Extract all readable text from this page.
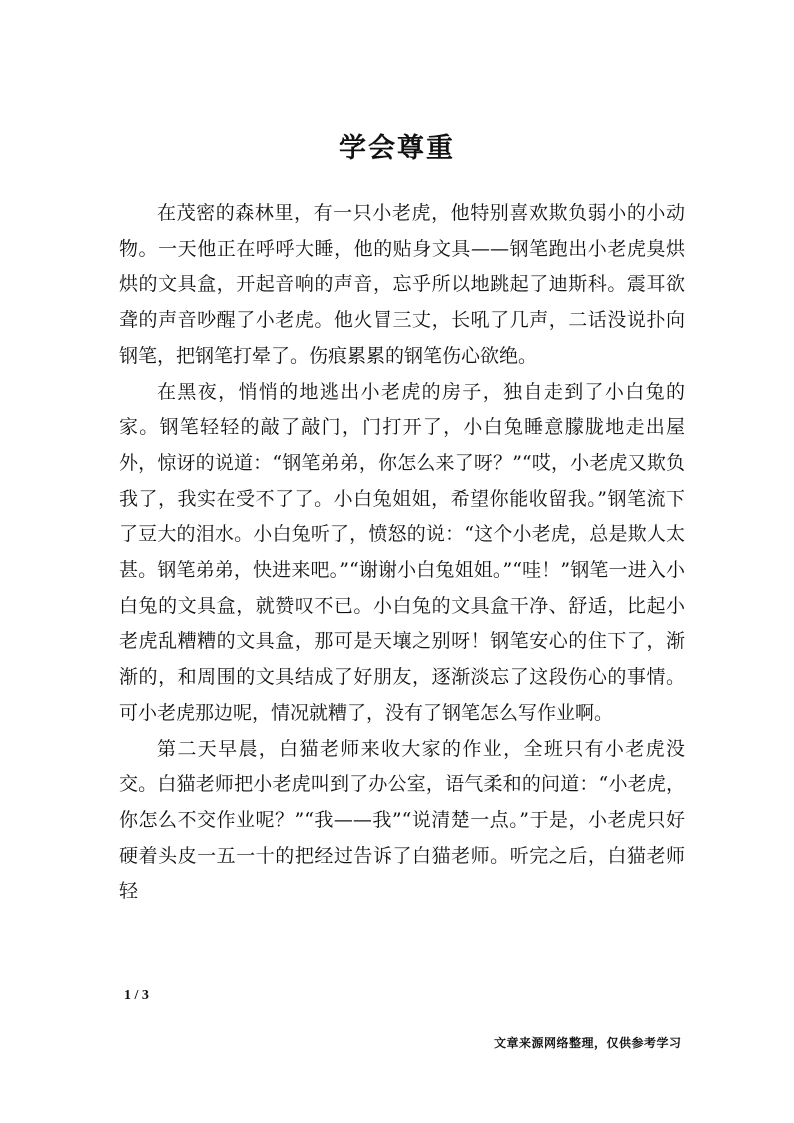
学会尊重

在茂密的森林里，有一只小老虎，他特别喜欢欺负弱小的小动物。一天他正在呼呼大睡，他的贴身文具——钢笔跑出小老虎臭烘烘的文具盒，开起音响的声音，忘乎所以地跳起了迪斯科。震耳欲聋的声音吵醒了小老虎。他火冒三丈，长吼了几声，二话没说扑向钢笔，把钢笔打晕了。伤痕累累的钢笔伤心欲绝。

在黑夜，悄悄的地逃出小老虎的房子，独自走到了小白兔的家。钢笔轻轻的敲了敲门，门打开了，小白兔睡意朦胧地走出屋外，惊讶的说道：“钢笔弟弟，你怎么来了呀？”“哎，小老虎又欺负我了，我实在受不了了。小白兔姐姐，希望你能收留我。”钢笔流下了豆大的泪水。小白兔听了，愤怒的说：“这个小老虎，总是欺人太甚。钢笔弟弟，快进来吧。”“谢谢小白兔姐姐。”“哇！”钢笔一进入小白兔的文具盒，就赞叹不已。小白兔的文具盒干净、舒适，比起小老虎乱糟糟的文具盒，那可是天壤之别呀！钢笔安心的住下了，渐渐的，和周围的文具结成了好朋友，逐渐淡忘了这段伤心的事情。可小老虎那边呢，情况就糟了，没有了钢笔怎么写作业啊。

第二天早晨，白猫老师来收大家的作业，全班只有小老虎没交。白猫老师把小老虎叫到了办公室，语气柔和的问道：“小老虎，你怎么不交作业呢？”“我——我”“说清楚一点。”于是，小老虎只好硬着头皮一五一十的把经过告诉了白猫老师。听完之后，白猫老师轻

1 / 3
文章来源网络整理，仅供参考学习
